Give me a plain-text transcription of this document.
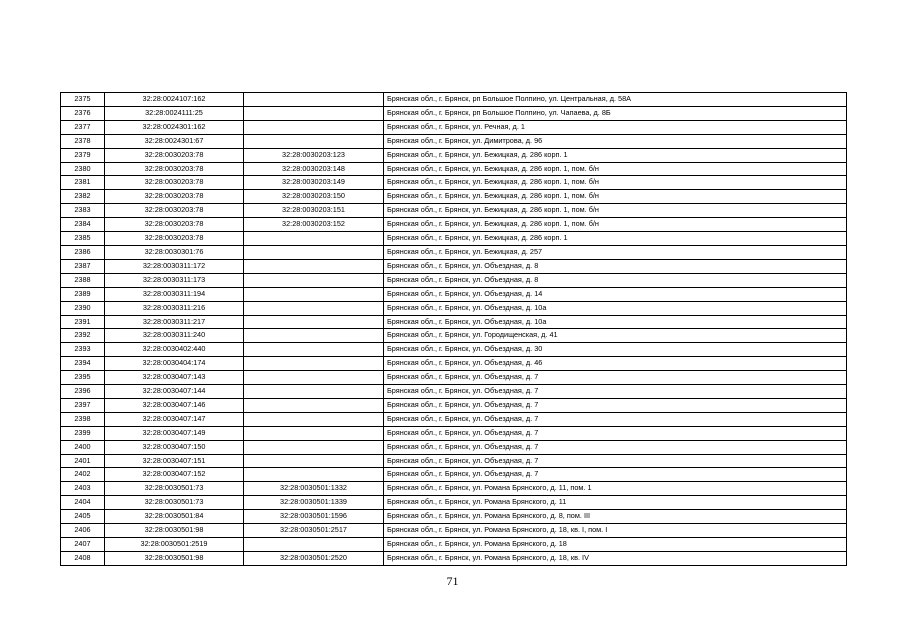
2375	32:28:0024107:162		Брянская обл., г. Брянск, рп Большое Полпино, ул. Центральная, д. 58А
2376	32:28:0024111:25		Брянская обл., г. Брянск, рп Большое Полпино, ул. Чапаева, д. 8Б
2377	32:28:0024301:162		Брянская обл., г. Брянск, ул. Речная, д. 1
2378	32:28:0024301:67		Брянская обл., г. Брянск, ул. Димитрова, д. 96
2379	32:28:0030203:78	32:28:0030203:123	Брянская обл., г. Брянск, ул. Бежицкая, д. 286 корп. 1
2380	32:28:0030203:78	32:28:0030203:148	Брянская обл., г. Брянск, ул. Бежицкая, д. 286 корп. 1, пом. б/н
2381	32:28:0030203:78	32:28:0030203:149	Брянская обл., г. Брянск, ул. Бежицкая, д. 286 корп. 1, пом. б/н
2382	32:28:0030203:78	32:28:0030203:150	Брянская обл., г. Брянск, ул. Бежицкая, д. 286 корп. 1, пом. б/н
2383	32:28:0030203:78	32:28:0030203:151	Брянская обл., г. Брянск, ул. Бежицкая, д. 286 корп. 1, пом. б/н
2384	32:28:0030203:78	32:28:0030203:152	Брянская обл., г. Брянск, ул. Бежицкая, д. 286 корп. 1, пом. б/н
2385	32:28:0030203:78		Брянская обл., г. Брянск, ул. Бежицкая, д. 286 корп. 1
2386	32:28:0030301:76		Брянская обл., г. Брянск, ул. Бежицкая, д. 257
2387	32:28:0030311:172		Брянская обл., г. Брянск, ул. Объездная, д. 8
2388	32:28:0030311:173		Брянская обл., г. Брянск, ул. Объездная, д. 8
2389	32:28:0030311:194		Брянская обл., г. Брянск, ул. Объездная, д. 14
2390	32:28:0030311:216		Брянская обл., г. Брянск, ул. Объездная, д. 10а
2391	32:28:0030311:217		Брянская обл., г. Брянск, ул. Объездная, д. 10а
2392	32:28:0030311:240		Брянская обл., г. Брянск, ул. Городищенская, д. 41
2393	32:28:0030402:440		Брянская обл., г. Брянск, ул. Объездная, д. 30
2394	32:28:0030404:174		Брянская обл., г. Брянск, ул. Объездная, д. 46
2395	32:28:0030407:143		Брянская обл., г. Брянск, ул. Объездная, д. 7
2396	32:28:0030407:144		Брянская обл., г. Брянск, ул. Объездная, д. 7
2397	32:28:0030407:146		Брянская обл., г. Брянск, ул. Объездная, д. 7
2398	32:28:0030407:147		Брянская обл., г. Брянск, ул. Объездная, д. 7
2399	32:28:0030407:149		Брянская обл., г. Брянск, ул. Объездная, д. 7
2400	32:28:0030407:150		Брянская обл., г. Брянск, ул. Объездная, д. 7
2401	32:28:0030407:151		Брянская обл., г. Брянск, ул. Объездная, д. 7
2402	32:28:0030407:152		Брянская обл., г. Брянск, ул. Объездная, д. 7
2403	32:28:0030501:73	32:28:0030501:1332	Брянская обл., г. Брянск, ул. Романа Брянского, д. 11, пом. 1
2404	32:28:0030501:73	32:28:0030501:1339	Брянская обл., г. Брянск, ул. Романа Брянского, д. 11
2405	32:28:0030501:84	32:28:0030501:1596	Брянская обл., г. Брянск, ул. Романа Брянского, д. 8, пом. III
2406	32:28:0030501:98	32:28:0030501:2517	Брянская обл., г. Брянск, ул. Романа Брянского, д. 18, кв. I, пом. I
2407	32:28:0030501:2519		Брянская обл., г. Брянск, ул. Романа Брянского, д. 18
2408	32:28:0030501:98	32:28:0030501:2520	Брянская обл., г. Брянск, ул. Романа Брянского, д. 18, кв. IV
71
